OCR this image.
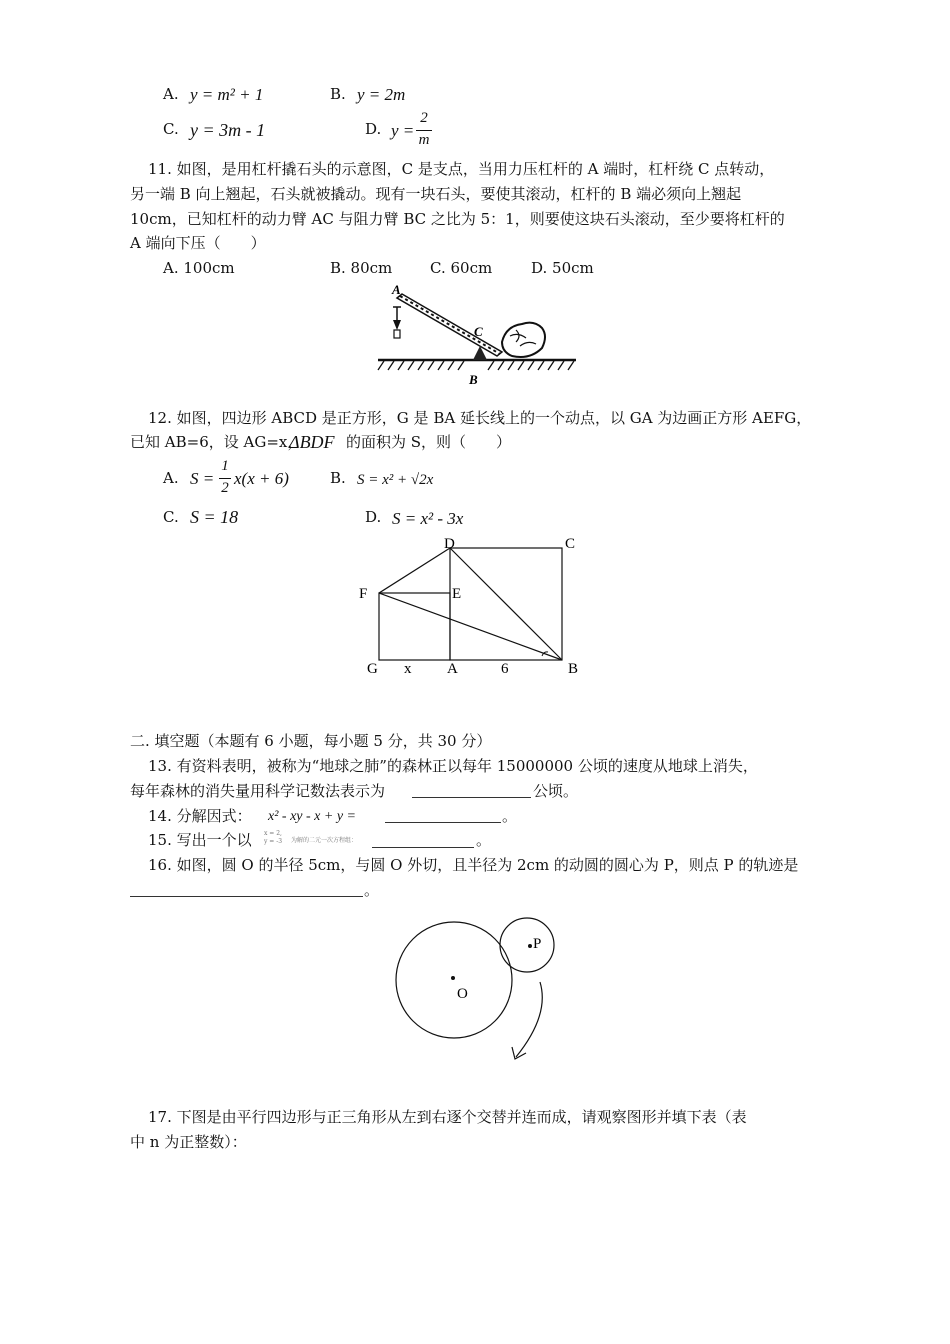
A. y = m² + 1	B. y = 2m
C. y = 3m - 1	D. y =
2
m
11. 如图，是用杠杆撬石头的示意图，C 是支点，当用力压杠杆的 A 端时，杠杆绕 C 点转动，
另一端 B 向上翘起，石头就被撬动。现有一块石头，要使其滚动，杠杆的 B 端必须向上翘起
10cm，已知杠杆的动力臂 AC 与阻力臂 BC 之比为 5：1，则要使这块石头滚动，至少要将杠杆的
A 端向下压（　　）
A. 100cm	B. 80cm	C. 60cm	D. 50cm
A
C
B
12. 如图，四边形 ABCD 是正方形，G 是 BA 延长线上的一个动点，以 GA 为边画正方形 AEFG，
已知 AB=6，设 AG=x，
ΔBDF 的面积为 S，则（　　）
A. S =
1
2 x(x + 6)	B. S = x² + √2x
C. S = 18	D. S = x² - 3x
D	C
F	E
G x A	6	B
二. 填空题（本题有 6 小题，每小题 5 分，共 30 分）
13. 有资料表明，被称为“地球之肺”的森林正以每年 15000000 公顷的速度从地球上消失，
每年森林的消失量用科学记数法表示为	公顷。
14. 分解因式： x² - xy - x + y =	。
15. 写出一个以 x = 2,
y = -3 为解的二元一次方程组：	。
16. 如图，圆 O 的半径 5cm，与圆 O 外切，且半径为 2cm 的动圆的圆心为 P，则点 P 的轨迹是
。
O
P
17. 下图是由平行四边形与正三角形从左到右逐个交替并连而成，请观察图形并填下表（表
中 n 为正整数）：
